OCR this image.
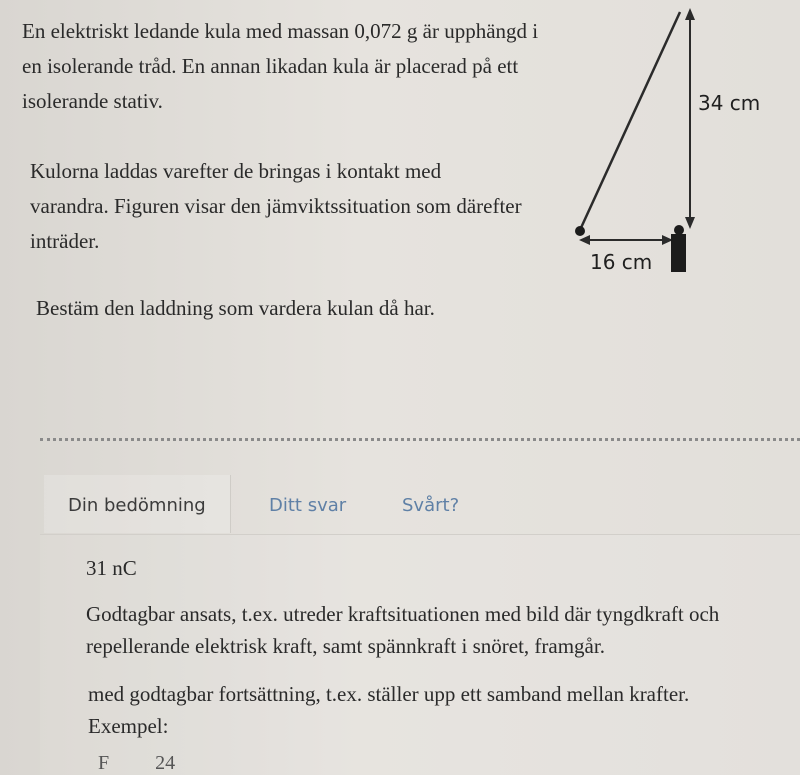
En elektriskt ledande kula med massan 0,072 g är upphängd i en isolerande tråd. En annan likadan kula är placerad på ett isolerande stativ.

Kulorna laddas varefter de bringas i kontakt med varandra. Figuren visar den jämviktssituation som därefter inträder.

Bestäm den laddning som vardera kulan då har.

34 cm
16 cm
Din bedömning	Ditt svar	Svårt?
31 nC
Godtagbar ansats, t.ex. utreder kraftsituationen med bild där tyngdkraft och repellerande elektrisk kraft, samt spännkraft i snöret, framgår.
med godtagbar fortsättning, t.ex. ställer upp ett samband mellan krafter.
Exempel:
F 24
